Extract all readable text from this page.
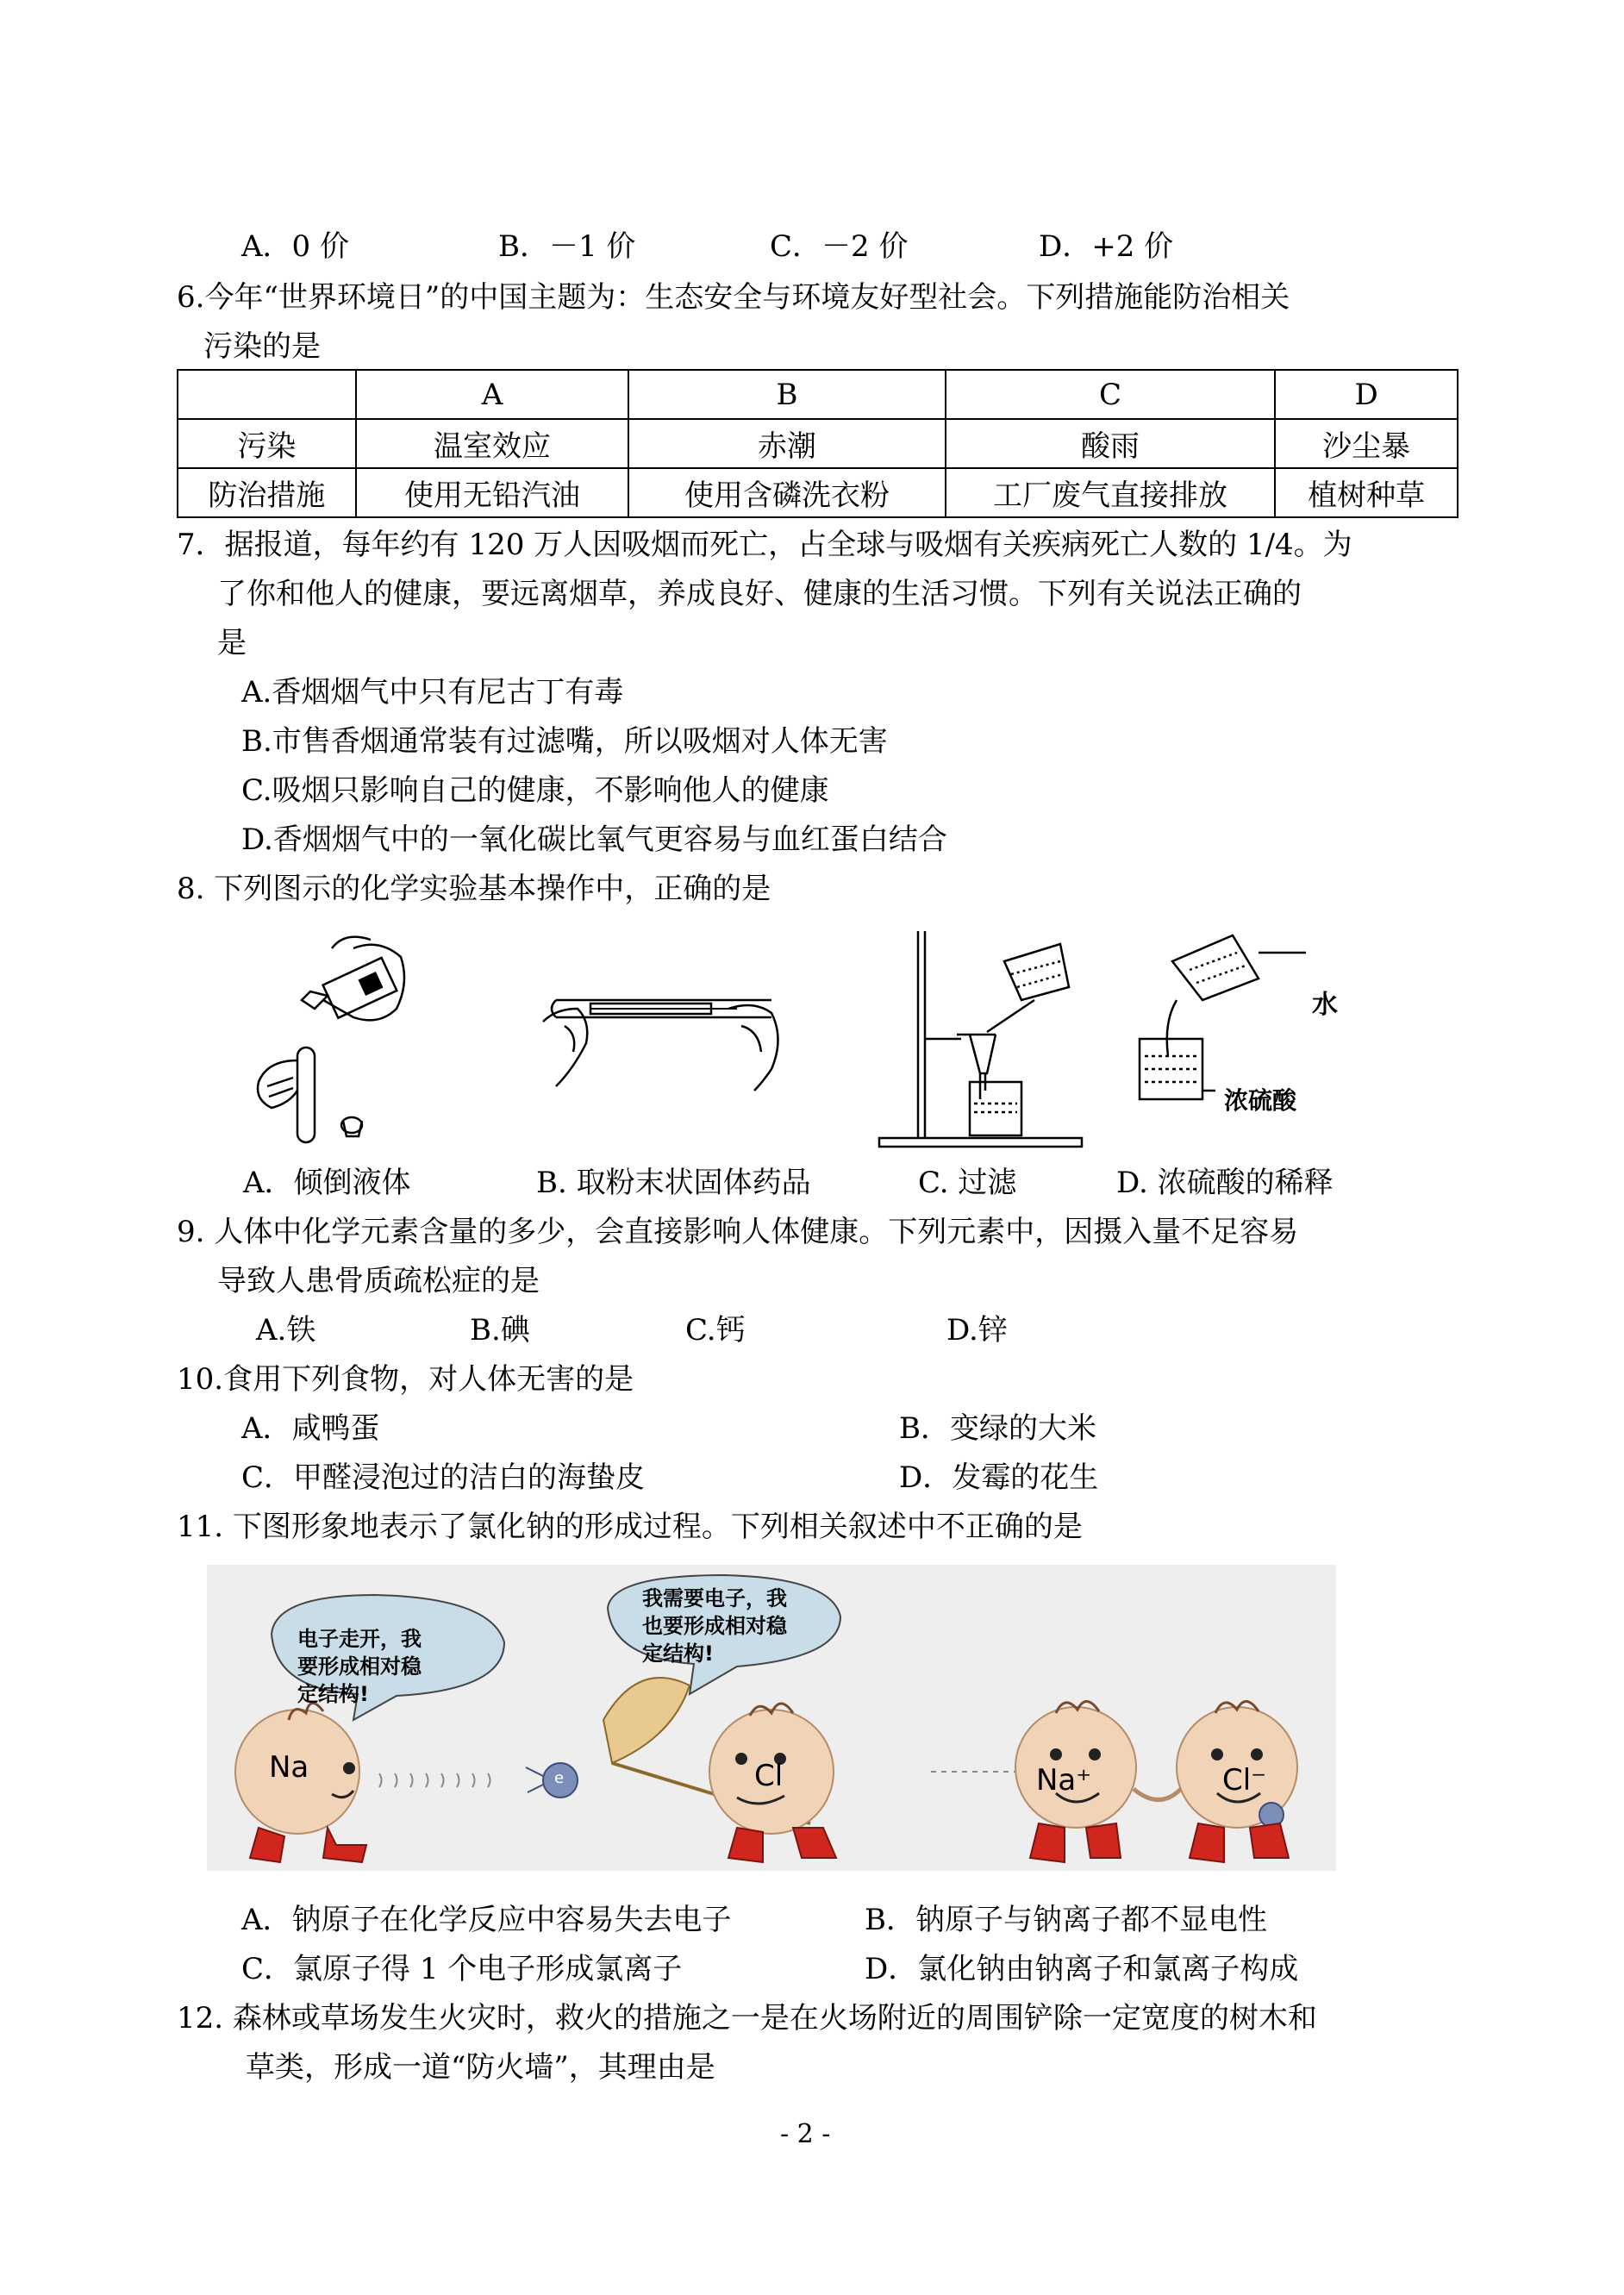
A．0 价	B．－1 价	C．－2 价	D．+2 价
6.今年“世界环境日”的中国主题为：生态安全与环境友好型社会。下列措施能防治相关
污染的是
	A	B	C	D
污染	温室效应	赤潮	酸雨	沙尘暴
防治措施	使用无铅汽油	使用含磷洗衣粉	工厂废气直接排放	植树种草
7．据报道，每年约有 120 万人因吸烟而死亡，占全球与吸烟有关疾病死亡人数的 1/4。为
了你和他人的健康，要远离烟草，养成良好、健康的生活习惯。下列有关说法正确的
是
A.香烟烟气中只有尼古丁有毒
B.市售香烟通常装有过滤嘴，所以吸烟对人体无害
C.吸烟只影响自己的健康，不影响他人的健康
D.香烟烟气中的一氧化碳比氧气更容易与血红蛋白结合
8. 下列图示的化学实验基本操作中，正确的是
水
浓硫酸
A．倾倒液体	B. 取粉末状固体药品	C. 过滤	D. 浓硫酸的稀释
9. 人体中化学元素含量的多少，会直接影响人体健康。下列元素中，因摄入量不足容易
导致人患骨质疏松症的是
A.铁	B.碘	C.钙	D.锌
10.食用下列食物，对人体无害的是
A．咸鸭蛋	B．变绿的大米
C．甲醛浸泡过的洁白的海蛰皮	D．发霉的花生
11. 下图形象地表示了氯化钠的形成过程。下列相关叙述中不正确的是
电子走开，我
要形成相对稳
定结构!
我需要电子，我
也要形成相对稳
定结构!
Na	Cl	Na⁺	Cl⁻
e
A．钠原子在化学反应中容易失去电子	B．钠原子与钠离子都不显电性
C．氯原子得 1 个电子形成氯离子	D．氯化钠由钠离子和氯离子构成
12. 森林或草场发生火灾时，救火的措施之一是在火场附近的周围铲除一定宽度的树木和
草类，形成一道“防火墙”，其理由是
- 2 -
